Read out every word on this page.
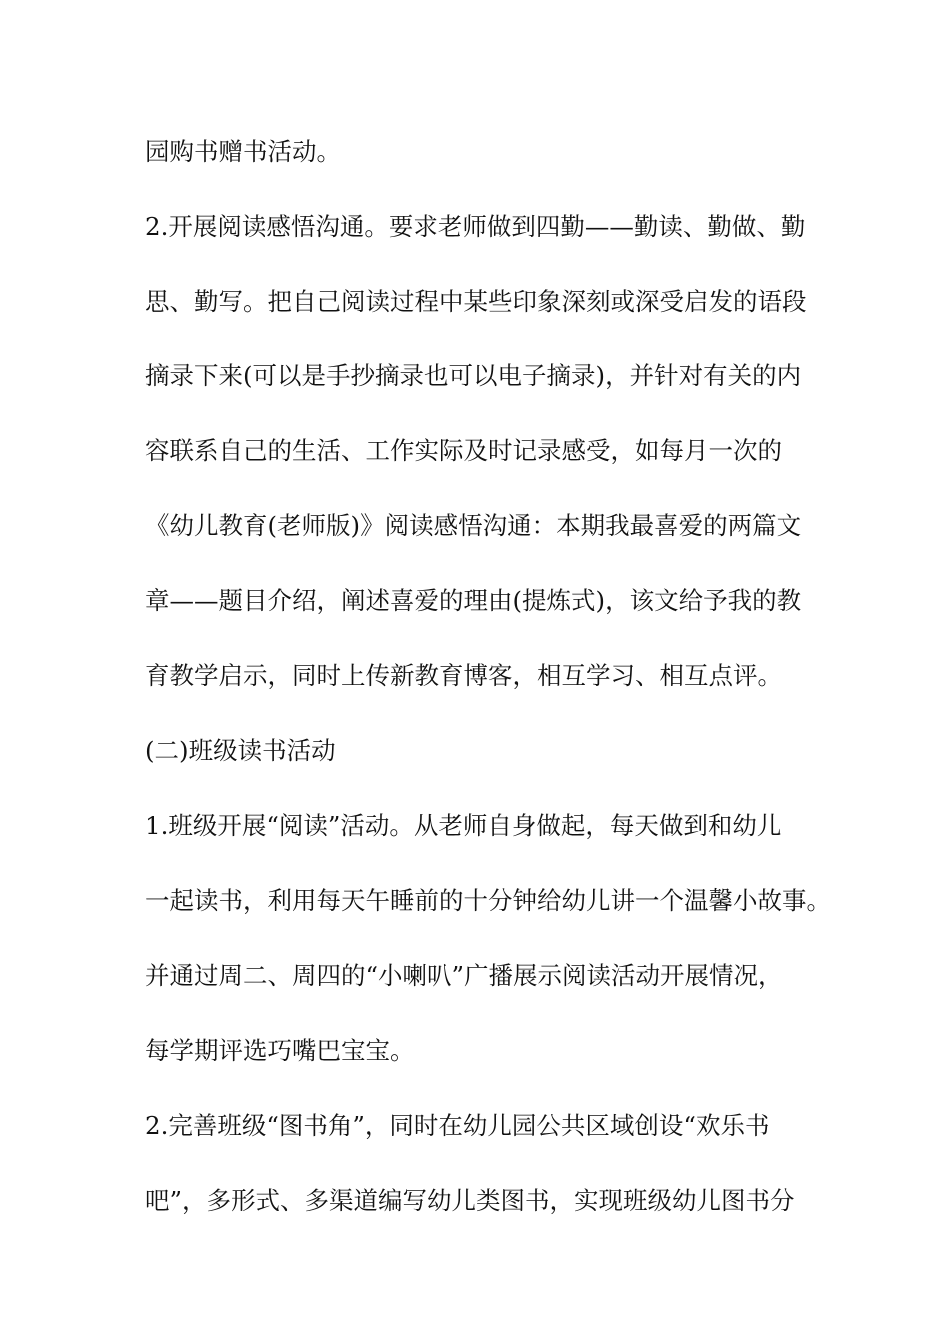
园购书赠书活动。
2.开展阅读感悟沟通。要求老师做到四勤——勤读、勤做、勤
思、勤写。把自己阅读过程中某些印象深刻或深受启发的语段
摘录下来(可以是手抄摘录也可以电子摘录)，并针对有关的内
容联系自己的生活、工作实际及时记录感受，如每月一次的
《幼儿教育(老师版)》阅读感悟沟通：本期我最喜爱的两篇文
章——题目介绍，阐述喜爱的理由(提炼式)，该文给予我的教
育教学启示，同时上传新教育博客，相互学习、相互点评。
(二)班级读书活动
1.班级开展“阅读”活动。从老师自身做起，每天做到和幼儿
一起读书，利用每天午睡前的十分钟给幼儿讲一个温馨小故事。
并通过周二、周四的“小喇叭”广播展示阅读活动开展情况，
每学期评选巧嘴巴宝宝。
2.完善班级“图书角”，同时在幼儿园公共区域创设“欢乐书
吧”，多形式、多渠道编写幼儿类图书，实现班级幼儿图书分
